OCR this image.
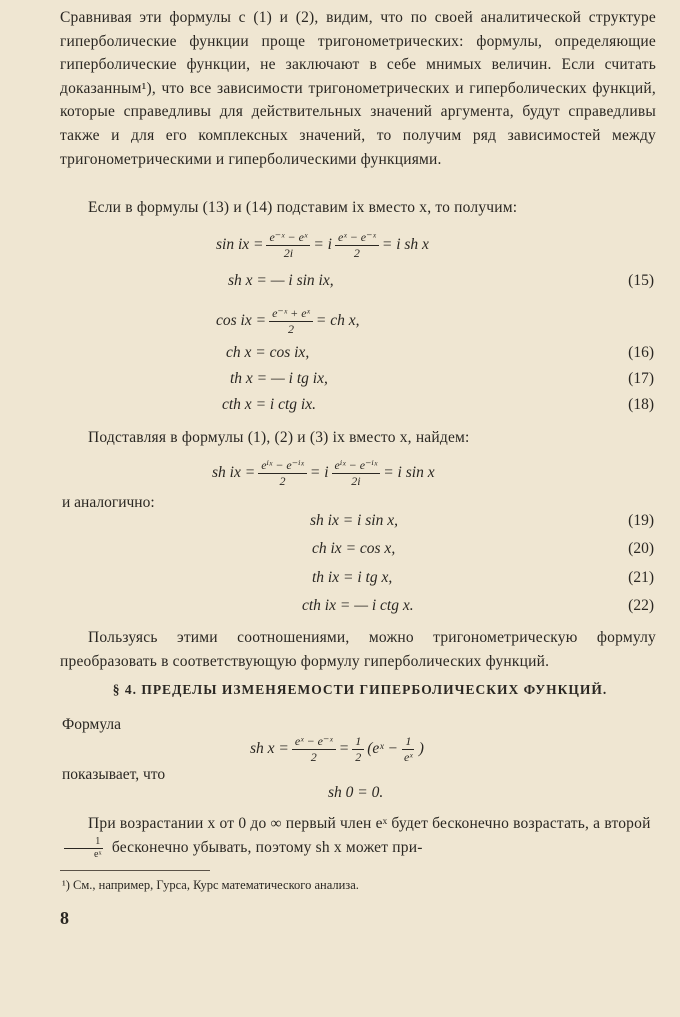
Сравнивая эти формулы с (1) и (2), видим, что по своей аналитической структуре гиперболические функции проще тригонометрических: формулы, определяющие гиперболические функции, не заключают в себе мнимых величин. Если считать доказанным¹), что все зависимости тригонометрических и гиперболических функций, которые справедливы для действительных значений аргумента, будут справедливы также и для его комплексных значений, то получим ряд зависимостей между тригонометрическими и гиперболическими функциями.
Если в формулы (13) и (14) подставим ix вместо x, то получим:
sin ix = $\frac{\text{e⁻ˣ − eˣ}}{2i} = i \frac{\text{eˣ − e⁻ˣ}}{2} = i$ sh x
sh x = — i sin ix,	(15)
cos ix = $\frac{\text{e⁻ˣ + eˣ}}{2}$ = ch x,
ch x = cos ix,	(16)
th x = — i tg ix,	(17)
cth x = i ctg ix.	(18)
Подставляя в формулы (1), (2) и (3) ix вместо x, найдем:
sh ix = $\frac{\text{eⁱˣ − e⁻ⁱˣ}}{2} = i \frac{\text{eⁱˣ − e⁻ⁱˣ}}{2i} = i$ sin x
и аналогично:
sh ix = i sin x,	(19)
ch ix = cos x,	(20)
th ix = i tg x,	(21)
cth ix = — i ctg x.	(22)
Пользуясь этими соотношениями, можно тригонометрическую формулу преобразовать в соответствующую формулу гиперболических функций.
§ 4. ПРЕДЕЛЫ ИЗМЕНЯЕМОСТИ ГИПЕРБОЛИЧЕСКИХ ФУНКЦИЙ.
Формула
sh $x = \frac{\text{eˣ − e⁻ˣ}}{2} = \frac{1}{2}$ (eˣ − $\frac{1}{\text{eˣ}}$ )
показывает, что
sh 0 = 0.
При возрастании x от 0 до ∞ первый член eˣ будет бесконечно возрастать, а второй
$\frac{1}{\text{eˣ}}$ бесконечно убывать, поэтому sh x может при-
¹) См., например, Гурса, Курс математического анализа.
8
